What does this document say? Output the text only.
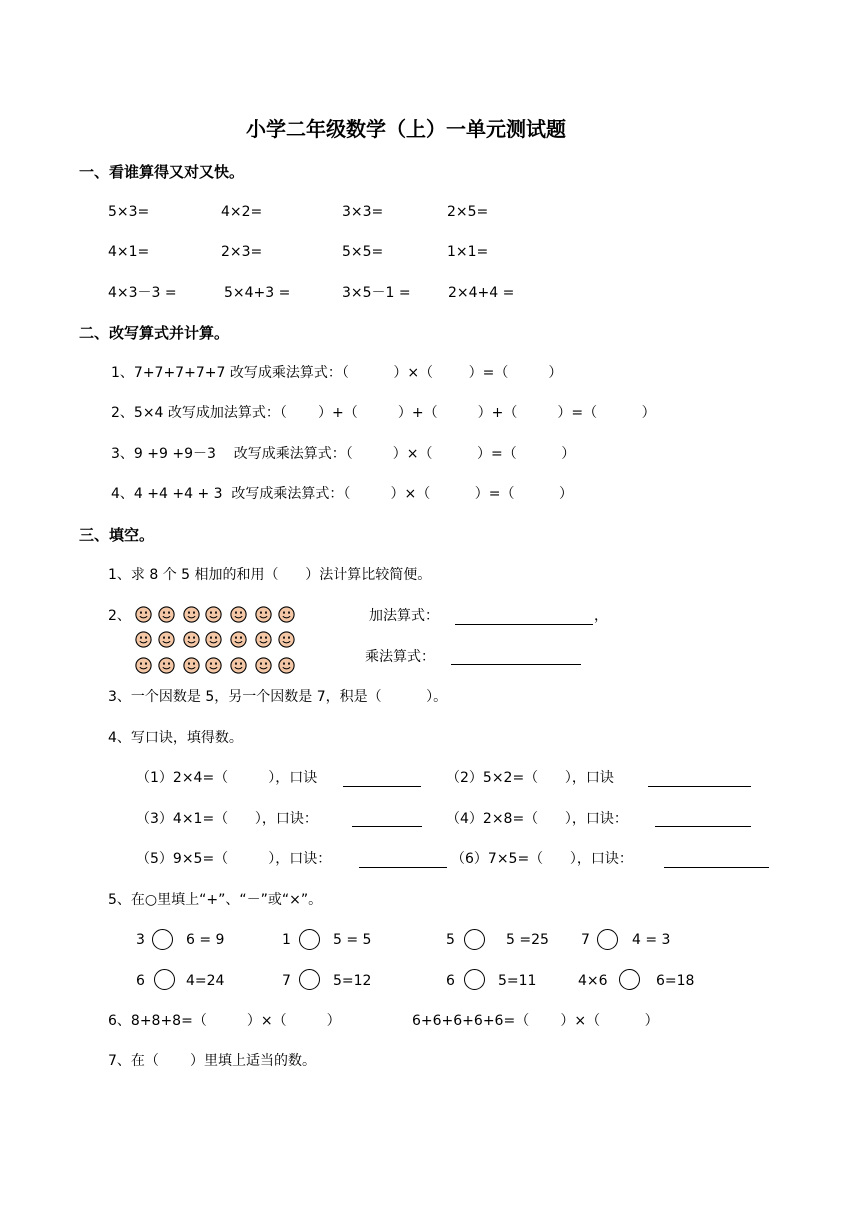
小学二年级数学（上）一单元测试题
一、看谁算得又对又快。
5×3=	4×2=	3×3=	2×5=
4×1=	2×3=	5×5=	1×1=
4×3－3 =	5×4+3 =	3×5－1 =	2×4+4 =
二、改写算式并计算。
1、7+7+7+7+7 改写成乘法算式：（          ）×（        ）=（         ）
2、5×4 改写成加法算式：（       ）+（         ）+（         ）+（         ）=（          ）
3、9 +9 +9－3    改写成乘法算式：（         ）×（          ）=（          ）
4、4 +4 +4 + 3  改写成乘法算式：（         ）×（          ）=（          ）
三、填空。
1、求 8 个 5 相加的和用（      ）法计算比较简便。
2、	加法算式：	，
乘法算式：
3、一个因数是 5，另一个因数是 7，积是（          ）。
4、写口诀，填得数。
（1）2×4=（         ），口诀	（2）5×2=（      ），口诀
（3）4×1=（      ），口诀：	（4）2×8=（      ），口诀：
（5）9×5=（         ），口诀：	（6）7×5=（      ），口诀：
5、在○里填上“+”、“－”或“×”。
3	6 = 9	1	5 = 5	5	5 =25 7	4 = 3
6	4=24	7	5=12	6	5=11	4×6	6=18
6、8+8+8=（         ）×（         ）	6+6+6+6+6=（       ）×（          ）
7、在（       ）里填上适当的数。
